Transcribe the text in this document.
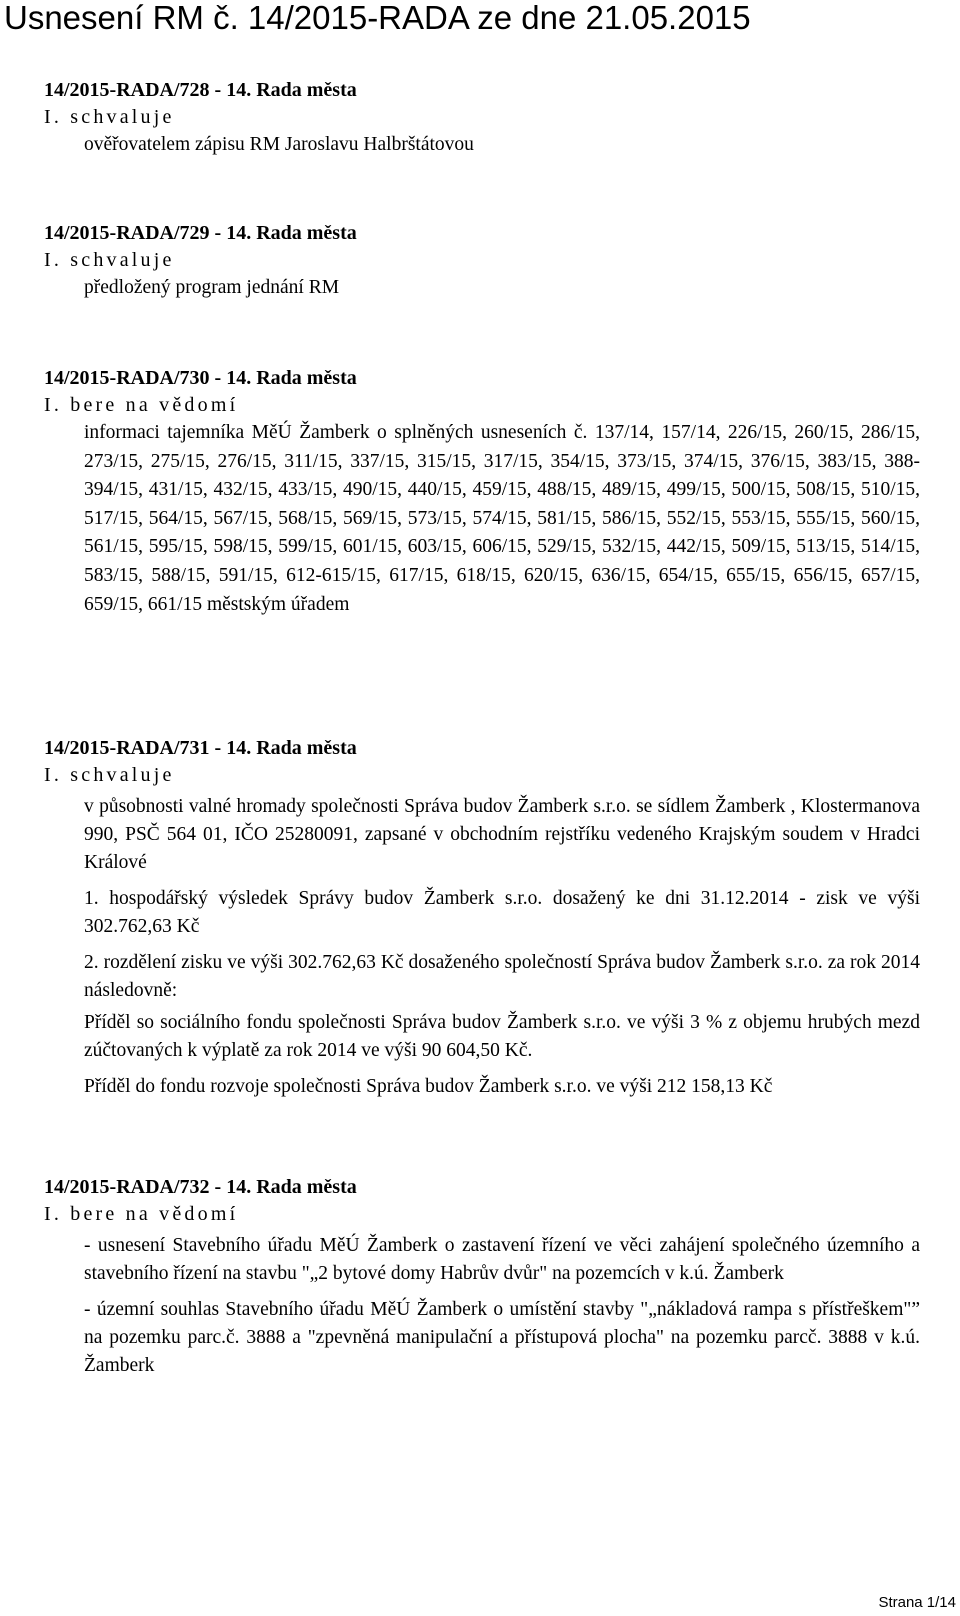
Usnesení RM č. 14/2015-RADA ze dne 21.05.2015
14/2015-RADA/728 - 14. Rada města
I. schvaluje
ověřovatelem zápisu RM Jaroslavu Halbrštátovou
14/2015-RADA/729 - 14. Rada města
I. schvaluje
předložený program jednání RM
14/2015-RADA/730 - 14. Rada města
I. bere na vědomí
informaci tajemníka MěÚ Žamberk o splněných usneseních č. 137/14, 157/14, 226/15, 260/15, 286/15, 273/15, 275/15, 276/15, 311/15, 337/15, 315/15, 317/15, 354/15, 373/15, 374/15, 376/15, 383/15, 388-394/15, 431/15, 432/15, 433/15, 490/15, 440/15, 459/15, 488/15, 489/15, 499/15, 500/15, 508/15, 510/15, 517/15, 564/15, 567/15, 568/15, 569/15, 573/15, 574/15, 581/15, 586/15, 552/15, 553/15, 555/15, 560/15, 561/15, 595/15, 598/15, 599/15, 601/15, 603/15, 606/15, 529/15, 532/15, 442/15, 509/15, 513/15, 514/15, 583/15, 588/15, 591/15, 612-615/15, 617/15, 618/15, 620/15, 636/15, 654/15, 655/15, 656/15, 657/15, 659/15, 661/15 městským úřadem
14/2015-RADA/731 - 14. Rada města
I. schvaluje
v působnosti valné hromady společnosti Správa budov Žamberk s.r.o. se sídlem Žamberk , Klostermanova 990, PSČ 564 01, IČO 25280091, zapsané v obchodním rejstříku vedeného Krajským soudem v Hradci Králové
1. hospodářský výsledek Správy budov Žamberk s.r.o. dosažený ke dni 31.12.2014 - zisk ve výši 302.762,63 Kč
2. rozdělení zisku ve výši 302.762,63 Kč dosaženého společností Správa budov Žamberk s.r.o. za rok 2014 následovně:
Příděl so sociálního fondu společnosti Správa budov Žamberk s.r.o. ve výši 3 % z objemu hrubých mezd zúčtovaných k výplatě za rok 2014 ve výši 90 604,50 Kč.
Příděl do fondu rozvoje společnosti Správa budov Žamberk s.r.o. ve výši 212 158,13 Kč
14/2015-RADA/732 - 14. Rada města
I. bere na vědomí
- usnesení Stavebního úřadu MěÚ Žamberk o zastavení řízení ve věci zahájení společného územního a stavebního řízení na stavbu "„2 bytové domy Habrův dvůr" na pozemcích v k.ú. Žamberk
- územní souhlas Stavebního úřadu MěÚ Žamberk o umístění stavby "„nákladová rampa s přístřeškem"” na pozemku parc.č. 3888 a "zpevněná manipulační a přístupová plocha" na pozemku parcč. 3888 v k.ú. Žamberk
Strana 1/14
